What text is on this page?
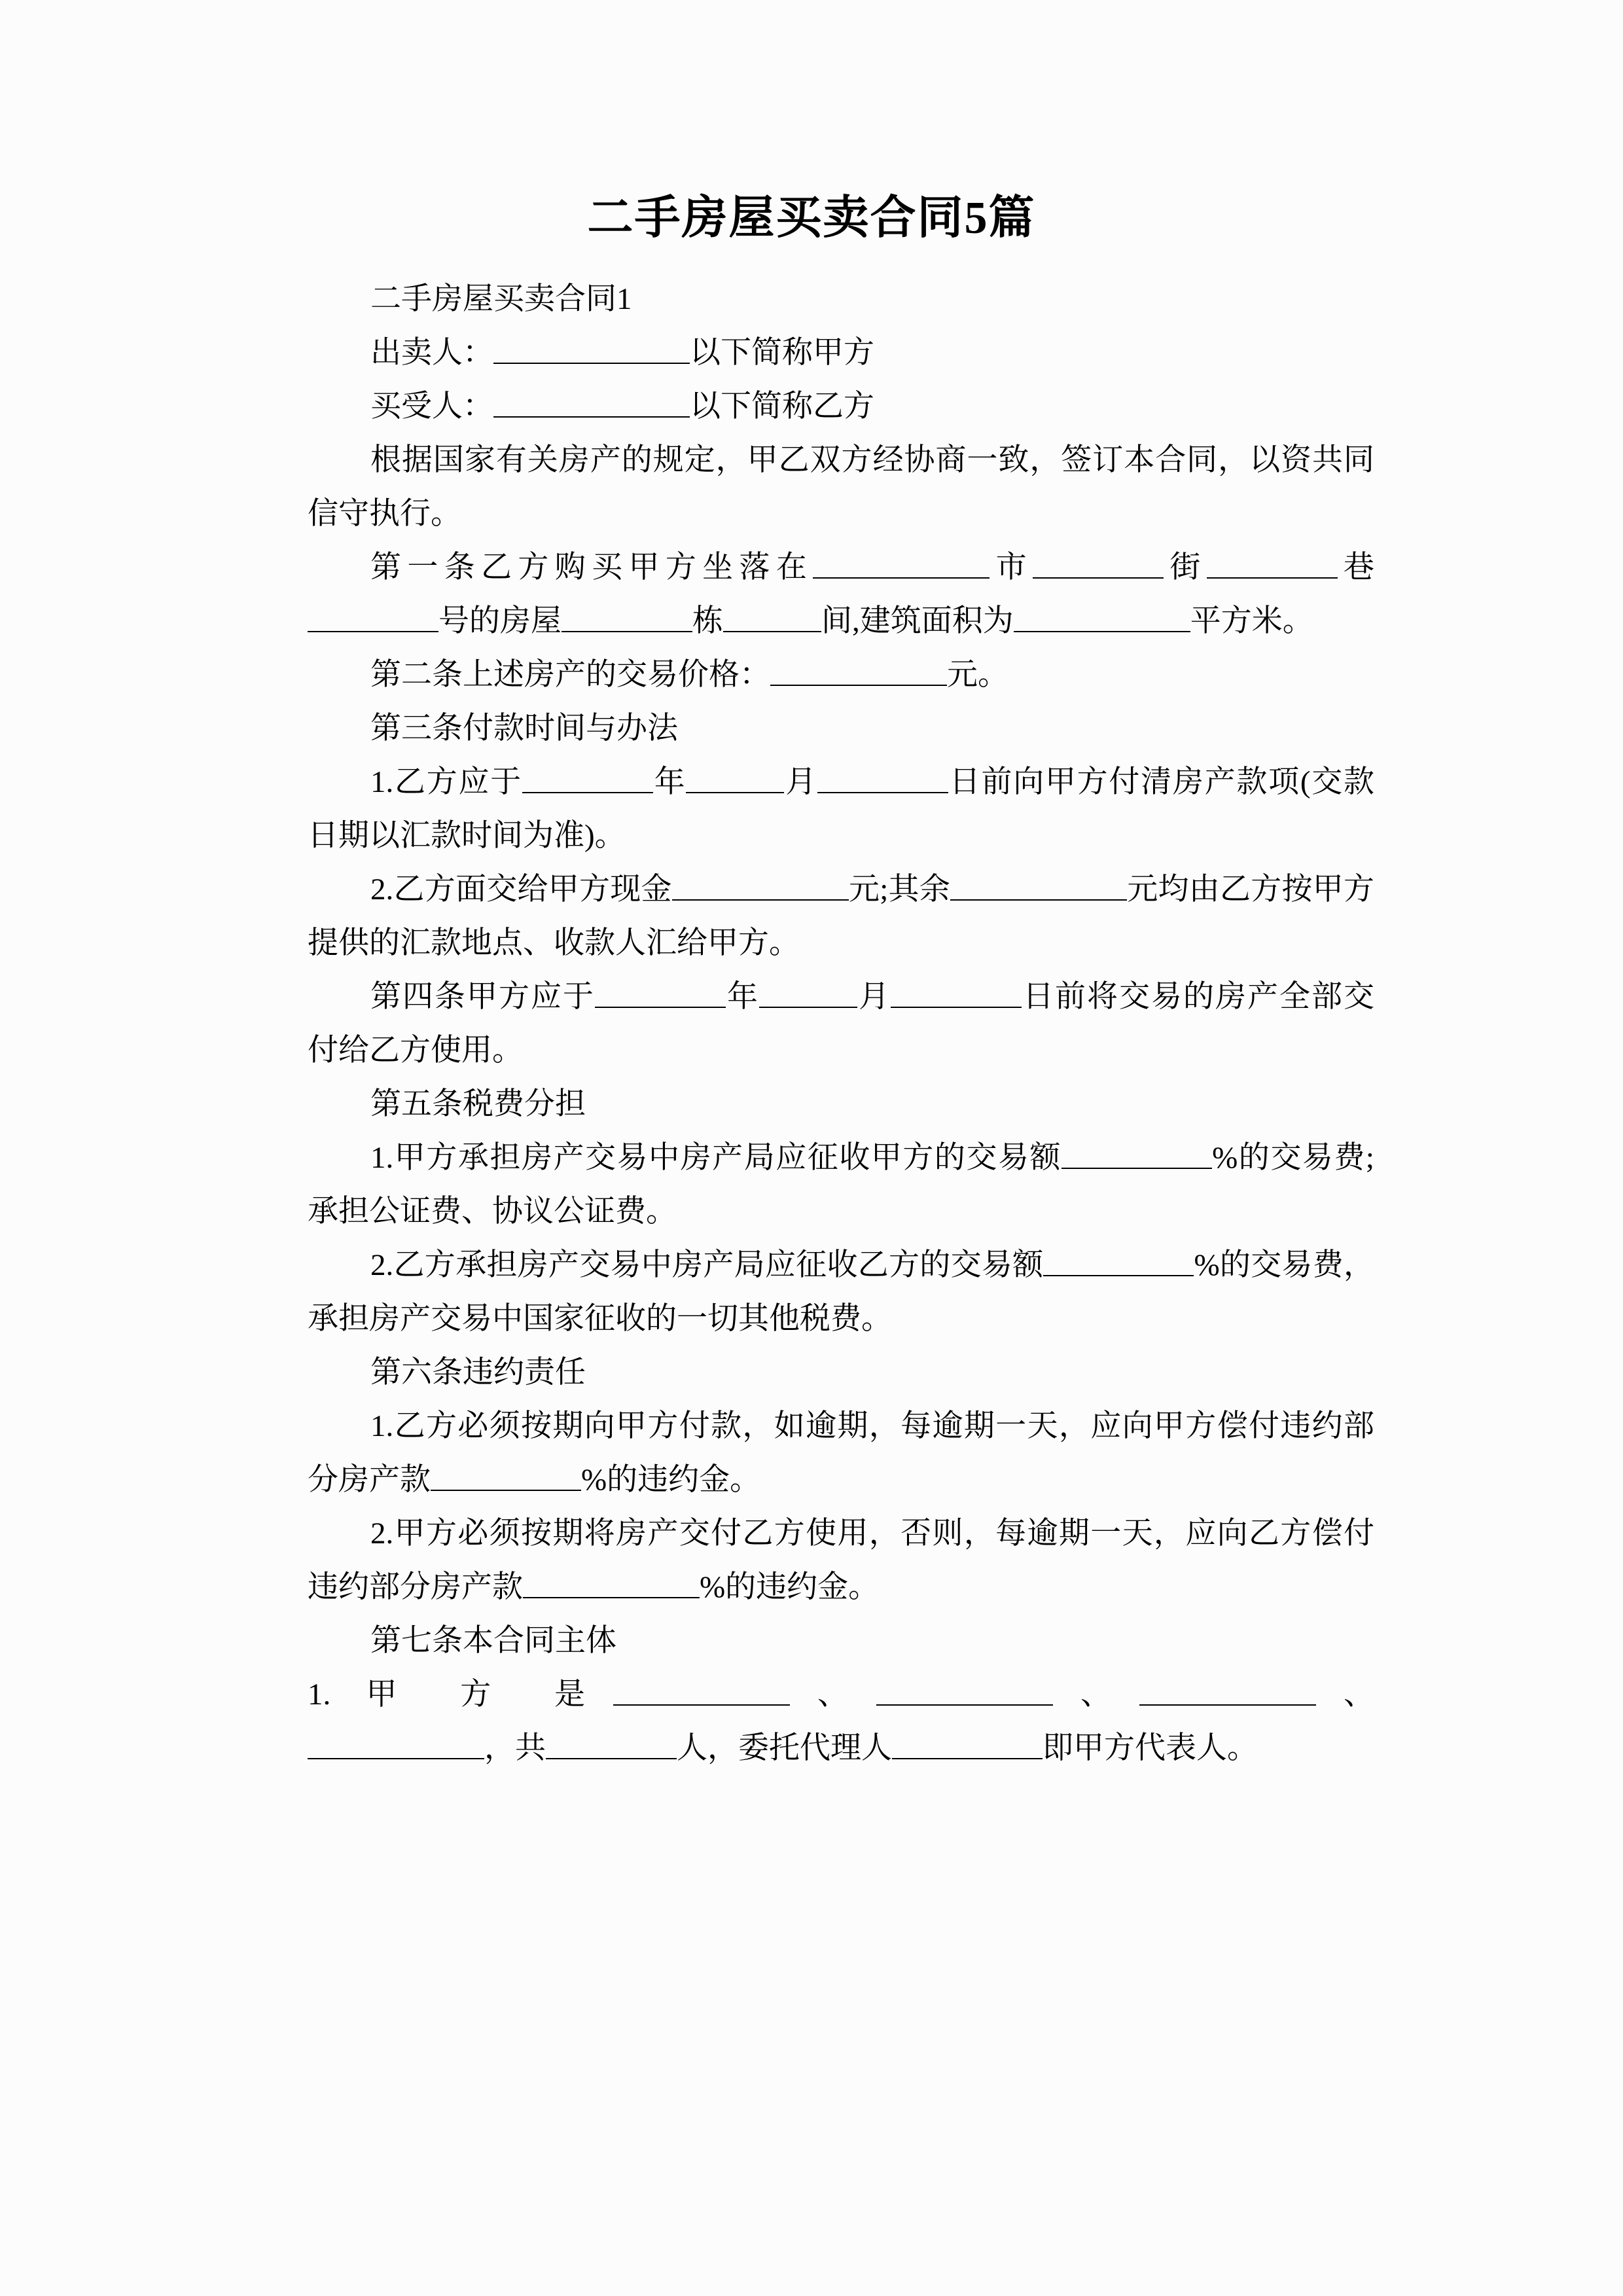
二手房屋买卖合同5篇

二手房屋买卖合同1

出卖人：	以下简称甲方

买受人：	以下简称乙方

根据国家有关房产的规定，甲乙双方经协商一致，签订本合同，以资共同信守执行。

第一条乙方购买甲方坐落在	市	街	巷号的房屋	栋	间,建筑面积为	平方米。

第二条上述房产的交易价格：	元。

第三条付款时间与办法

1.乙方应于	年	月	日前向甲方付清房产款项(交款日期以汇款时间为准)。

2.乙方面交给甲方现金	元;其余	元均由乙方按甲方提供的汇款地点、收款人汇给甲方。

第四条甲方应于	年	月	日前将交易的房产全部交付给乙方使用。

第五条税费分担

1.甲方承担房产交易中房产局应征收甲方的交易额	%的交易费;承担公证费、协议公证费。

2.乙方承担房产交易中房产局应征收乙方的交易额	%的交易费，承担房产交易中国家征收的一切其他税费。

第六条违约责任

1.乙方必须按期向甲方付款，如逾期，每逾期一天，应向甲方偿付违约部分房产款	%的违约金。

2.甲方必须按期将房产交付乙方使用，否则，每逾期一天，应向乙方偿付违约部分房产款	%的违约金。

第七条本合同主体

1. 甲 方 是	、	、	、

，共	人，委托代理人	即甲方代表人。
